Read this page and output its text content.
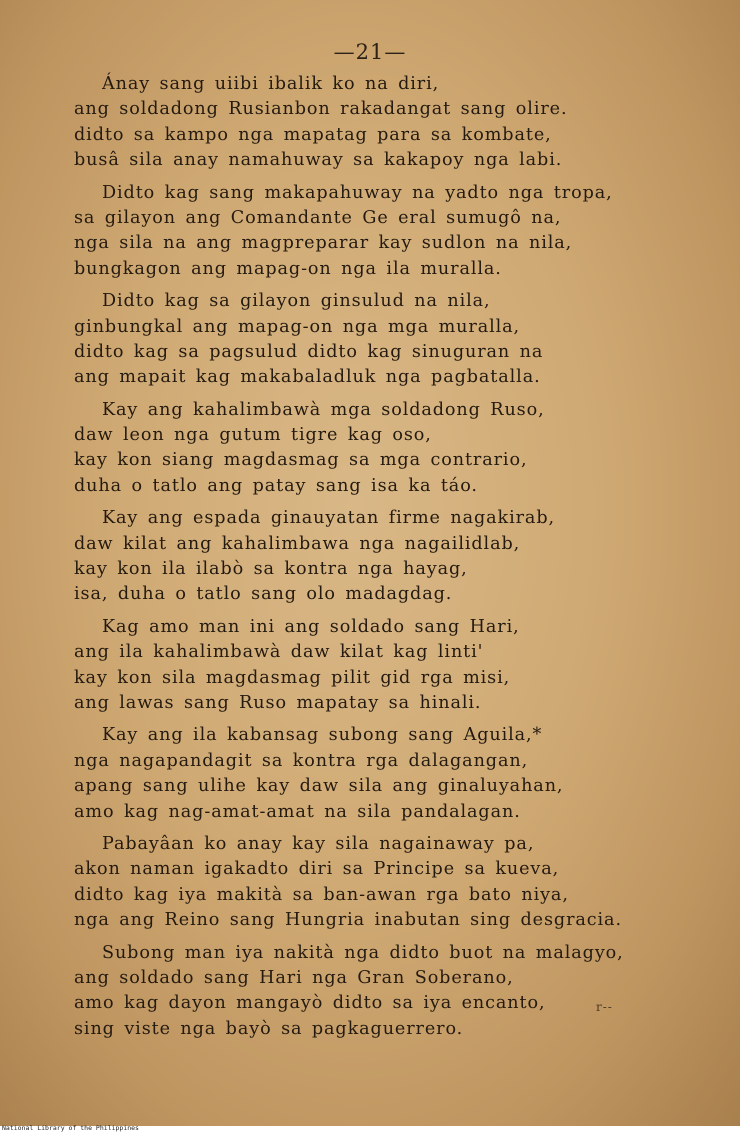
—21—
Ánay sang uiibi ibalik ko na diri,
ang soldadong Rusianbon rakadangat sang olire.
didto sa kampo nga mapatag para sa kombate,
busâ sila anay namahuway sa kakapoy nga labi.
Didto kag sang makapahuway na yadto nga tropa,
sa gilayon ang Comandante Ge eral sumugô na,
nga sila na ang magpreparar kay sudlon na nila,
bungkagon ang mapag-on nga ila muralla.
Didto kag sa gilayon ginsulud na nila,
ginbungkal ang mapag-on nga mga muralla,
didto kag sa pagsulud didto kag sinuguran na
ang mapait kag makabaladluk nga pagbatalla.
Kay ang kahalimbawà mga soldadong Ruso,
daw leon nga gutum tigre kag oso,
kay kon siang magdasmag sa mga contrario,
duha o tatlo ang patay sang isa ka táo.
Kay ang espada ginauyatan firme nagakirab,
daw kilat ang kahalimbawa nga nagailidlab,
kay kon ila ilabò sa kontra nga hayag,
isa, duha o tatlo sang olo madagdag.
Kag amo man ini ang soldado sang Hari,
ang ila kahalimbawà daw kilat kag linti'
kay kon sila magdasmag pilit gid rga misi,
ang lawas sang Ruso mapatay sa hinali.
Kay ang ila kabansag subong sang Aguila,*
nga nagapandagit sa kontra rga dalagangan,
apang sang ulihe kay daw sila ang ginaluyahan,
amo kag nag-amat-amat na sila pandalagan.
Pabayâan ko anay kay sila nagainaway pa,
akon naman igakadto diri sa Principe sa kueva,
didto kag iya makità sa ban-awan rga bato niya,
nga ang Reino sang Hungria inabutan sing desgracia.
Subong man iya nakità nga didto buot na malagyo,
ang soldado sang Hari nga Gran Soberano,
amo kag dayon mangayò didto sa iya encanto,
sing viste nga bayò sa pagkaguerrero.
r--
National Library of the Philippines
